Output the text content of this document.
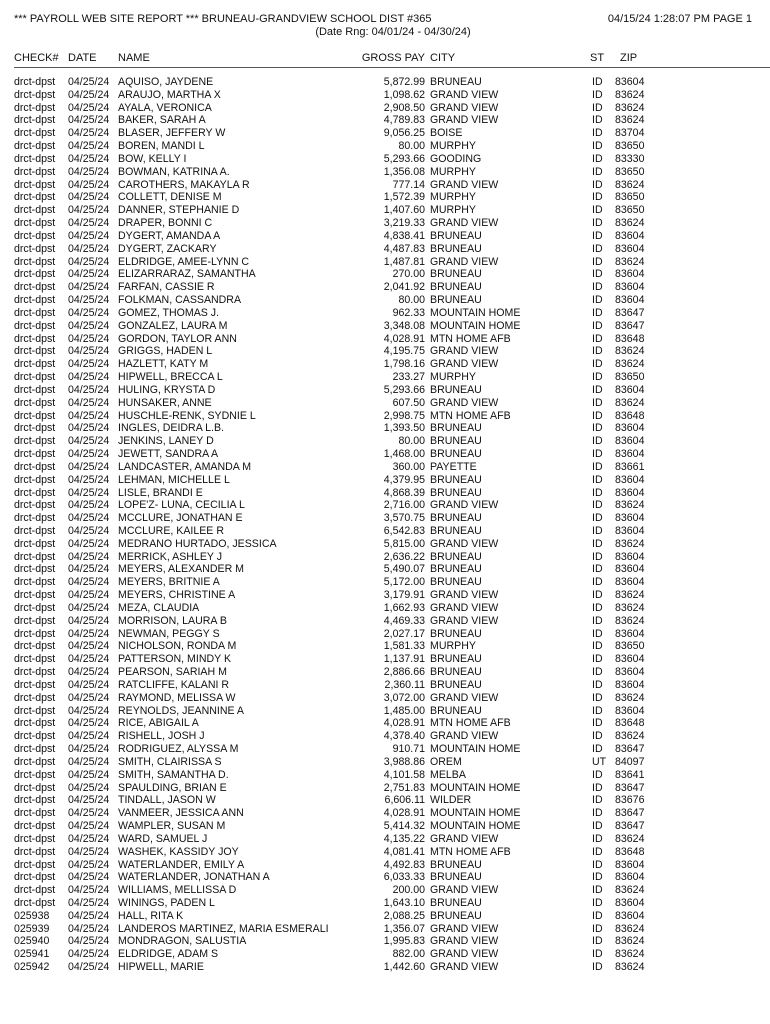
*** PAYROLL WEB SITE REPORT *** BRUNEAU-GRANDVIEW SCHOOL DIST #365	04/15/24 1:28:07 PM PAGE 1
(Date Rng: 04/01/24 - 04/30/24)
CHECK# DATE NAME	GROSS PAY CITY	ST ZIP
drct-dpst 04/25/24 AQUISO, JAYDENE	5,872.99 BRUNEAU	ID 83604
drct-dpst 04/25/24 ARAUJO, MARTHA X	1,098.62 GRAND VIEW	ID 83624
drct-dpst 04/25/24 AYALA, VERONICA	2,908.50 GRAND VIEW	ID 83624
drct-dpst 04/25/24 BAKER, SARAH A	4,789.83 GRAND VIEW	ID 83624
drct-dpst 04/25/24 BLASER, JEFFERY W	9,056.25 BOISE	ID 83704
drct-dpst 04/25/24 BOREN, MANDI L	80.00 MURPHY	ID 83650
drct-dpst 04/25/24 BOW, KELLY I	5,293.66 GOODING	ID 83330
drct-dpst 04/25/24 BOWMAN, KATRINA A.	1,356.08 MURPHY	ID 83650
drct-dpst 04/25/24 CAROTHERS, MAKAYLA R	777.14 GRAND VIEW	ID 83624
drct-dpst 04/25/24 COLLETT, DENISE M	1,572.39 MURPHY	ID 83650
drct-dpst 04/25/24 DANNER, STEPHANIE D	1,407.60 MURPHY	ID 83650
drct-dpst 04/25/24 DRAPER, BONNI C	3,219.33 GRAND VIEW	ID 83624
drct-dpst 04/25/24 DYGERT, AMANDA A	4,838.41 BRUNEAU	ID 83604
drct-dpst 04/25/24 DYGERT, ZACKARY	4,487.83 BRUNEAU	ID 83604
drct-dpst 04/25/24 ELDRIDGE, AMEE-LYNN C	1,487.81 GRAND VIEW	ID 83624
drct-dpst 04/25/24 ELIZARRARAZ, SAMANTHA	270.00 BRUNEAU	ID 83604
drct-dpst 04/25/24 FARFAN, CASSIE R	2,041.92 BRUNEAU	ID 83604
drct-dpst 04/25/24 FOLKMAN, CASSANDRA	80.00 BRUNEAU	ID 83604
drct-dpst 04/25/24 GOMEZ, THOMAS J.	962.33 MOUNTAIN HOME	ID 83647
drct-dpst 04/25/24 GONZALEZ, LAURA M	3,348.08 MOUNTAIN HOME	ID 83647
drct-dpst 04/25/24 GORDON, TAYLOR ANN	4,028.91 MTN HOME AFB	ID 83648
drct-dpst 04/25/24 GRIGGS, HADEN L	4,195.75 GRAND VIEW	ID 83624
drct-dpst 04/25/24 HAZLETT, KATY M	1,798.16 GRAND VIEW	ID 83624
drct-dpst 04/25/24 HIPWELL, BRECCA L	233.27 MURPHY	ID 83650
drct-dpst 04/25/24 HULING, KRYSTA D	5,293.66 BRUNEAU	ID 83604
drct-dpst 04/25/24 HUNSAKER, ANNE	607.50 GRAND VIEW	ID 83624
drct-dpst 04/25/24 HUSCHLE-RENK, SYDNIE L	2,998.75 MTN HOME AFB	ID 83648
drct-dpst 04/25/24 INGLES, DEIDRA L.B.	1,393.50 BRUNEAU	ID 83604
drct-dpst 04/25/24 JENKINS, LANEY D	80.00 BRUNEAU	ID 83604
drct-dpst 04/25/24 JEWETT, SANDRA A	1,468.00 BRUNEAU	ID 83604
drct-dpst 04/25/24 LANDCASTER, AMANDA M	360.00 PAYETTE	ID 83661
drct-dpst 04/25/24 LEHMAN, MICHELLE L	4,379.95 BRUNEAU	ID 83604
drct-dpst 04/25/24 LISLE, BRANDI E	4,868.39 BRUNEAU	ID 83604
drct-dpst 04/25/24 LOPE'Z- LUNA, CECILIA L	2,716.00 GRAND VIEW	ID 83624
drct-dpst 04/25/24 MCCLURE, JONATHAN E	3,570.75 BRUNEAU	ID 83604
drct-dpst 04/25/24 MCCLURE, KAILEE R	6,542.83 BRUNEAU	ID 83604
drct-dpst 04/25/24 MEDRANO HURTADO, JESSICA	5,815.00 GRAND VIEW	ID 83624
drct-dpst 04/25/24 MERRICK, ASHLEY J	2,636.22 BRUNEAU	ID 83604
drct-dpst 04/25/24 MEYERS, ALEXANDER M	5,490.07 BRUNEAU	ID 83604
drct-dpst 04/25/24 MEYERS, BRITNIE A	5,172.00 BRUNEAU	ID 83604
drct-dpst 04/25/24 MEYERS, CHRISTINE A	3,179.91 GRAND VIEW	ID 83624
drct-dpst 04/25/24 MEZA, CLAUDIA	1,662.93 GRAND VIEW	ID 83624
drct-dpst 04/25/24 MORRISON, LAURA B	4,469.33 GRAND VIEW	ID 83624
drct-dpst 04/25/24 NEWMAN, PEGGY S	2,027.17 BRUNEAU	ID 83604
drct-dpst 04/25/24 NICHOLSON, RONDA M	1,581.33 MURPHY	ID 83650
drct-dpst 04/25/24 PATTERSON, MINDY K	1,137.91 BRUNEAU	ID 83604
drct-dpst 04/25/24 PEARSON, SARIAH M	2,886.66 BRUNEAU	ID 83604
drct-dpst 04/25/24 RATCLIFFE, KALANI R	2,360.11 BRUNEAU	ID 83604
drct-dpst 04/25/24 RAYMOND, MELISSA W	3,072.00 GRAND VIEW	ID 83624
drct-dpst 04/25/24 REYNOLDS, JEANNINE A	1,485.00 BRUNEAU	ID 83604
drct-dpst 04/25/24 RICE, ABIGAIL A	4,028.91 MTN HOME AFB	ID 83648
drct-dpst 04/25/24 RISHELL, JOSH J	4,378.40 GRAND VIEW	ID 83624
drct-dpst 04/25/24 RODRIGUEZ, ALYSSA M	910.71 MOUNTAIN HOME	ID 83647
drct-dpst 04/25/24 SMITH, CLAIRISSA S	3,988.86 OREM	UT 84097
drct-dpst 04/25/24 SMITH, SAMANTHA D.	4,101.58 MELBA	ID 83641
drct-dpst 04/25/24 SPAULDING, BRIAN E	2,751.83 MOUNTAIN HOME	ID 83647
drct-dpst 04/25/24 TINDALL, JASON W	6,606.11 WILDER	ID 83676
drct-dpst 04/25/24 VANMEER, JESSICA ANN	4,028.91 MOUNTAIN HOME	ID 83647
drct-dpst 04/25/24 WAMPLER, SUSAN M	5,414.32 MOUNTAIN HOME	ID 83647
drct-dpst 04/25/24 WARD, SAMUEL J	4,135.22 GRAND VIEW	ID 83624
drct-dpst 04/25/24 WASHEK, KASSIDY JOY	4,081.41 MTN HOME AFB	ID 83648
drct-dpst 04/25/24 WATERLANDER, EMILY A	4,492.83 BRUNEAU	ID 83604
drct-dpst 04/25/24 WATERLANDER, JONATHAN A	6,033.33 BRUNEAU	ID 83604
drct-dpst 04/25/24 WILLIAMS, MELLISSA D	200.00 GRAND VIEW	ID 83624
drct-dpst 04/25/24 WININGS, PADEN L	1,643.10 BRUNEAU	ID 83604
025938 04/25/24 HALL, RITA K	2,088.25 BRUNEAU	ID 83604
025939 04/25/24 LANDEROS MARTINEZ, MARIA ESMERALI	1,356.07 GRAND VIEW	ID 83624
025940 04/25/24 MONDRAGON, SALUSTIA	1,995.83 GRAND VIEW	ID 83624
025941 04/25/24 ELDRIDGE, ADAM S	882.00 GRAND VIEW	ID 83624
025942 04/25/24 HIPWELL, MARIE	1,442.60 GRAND VIEW	ID 83624
